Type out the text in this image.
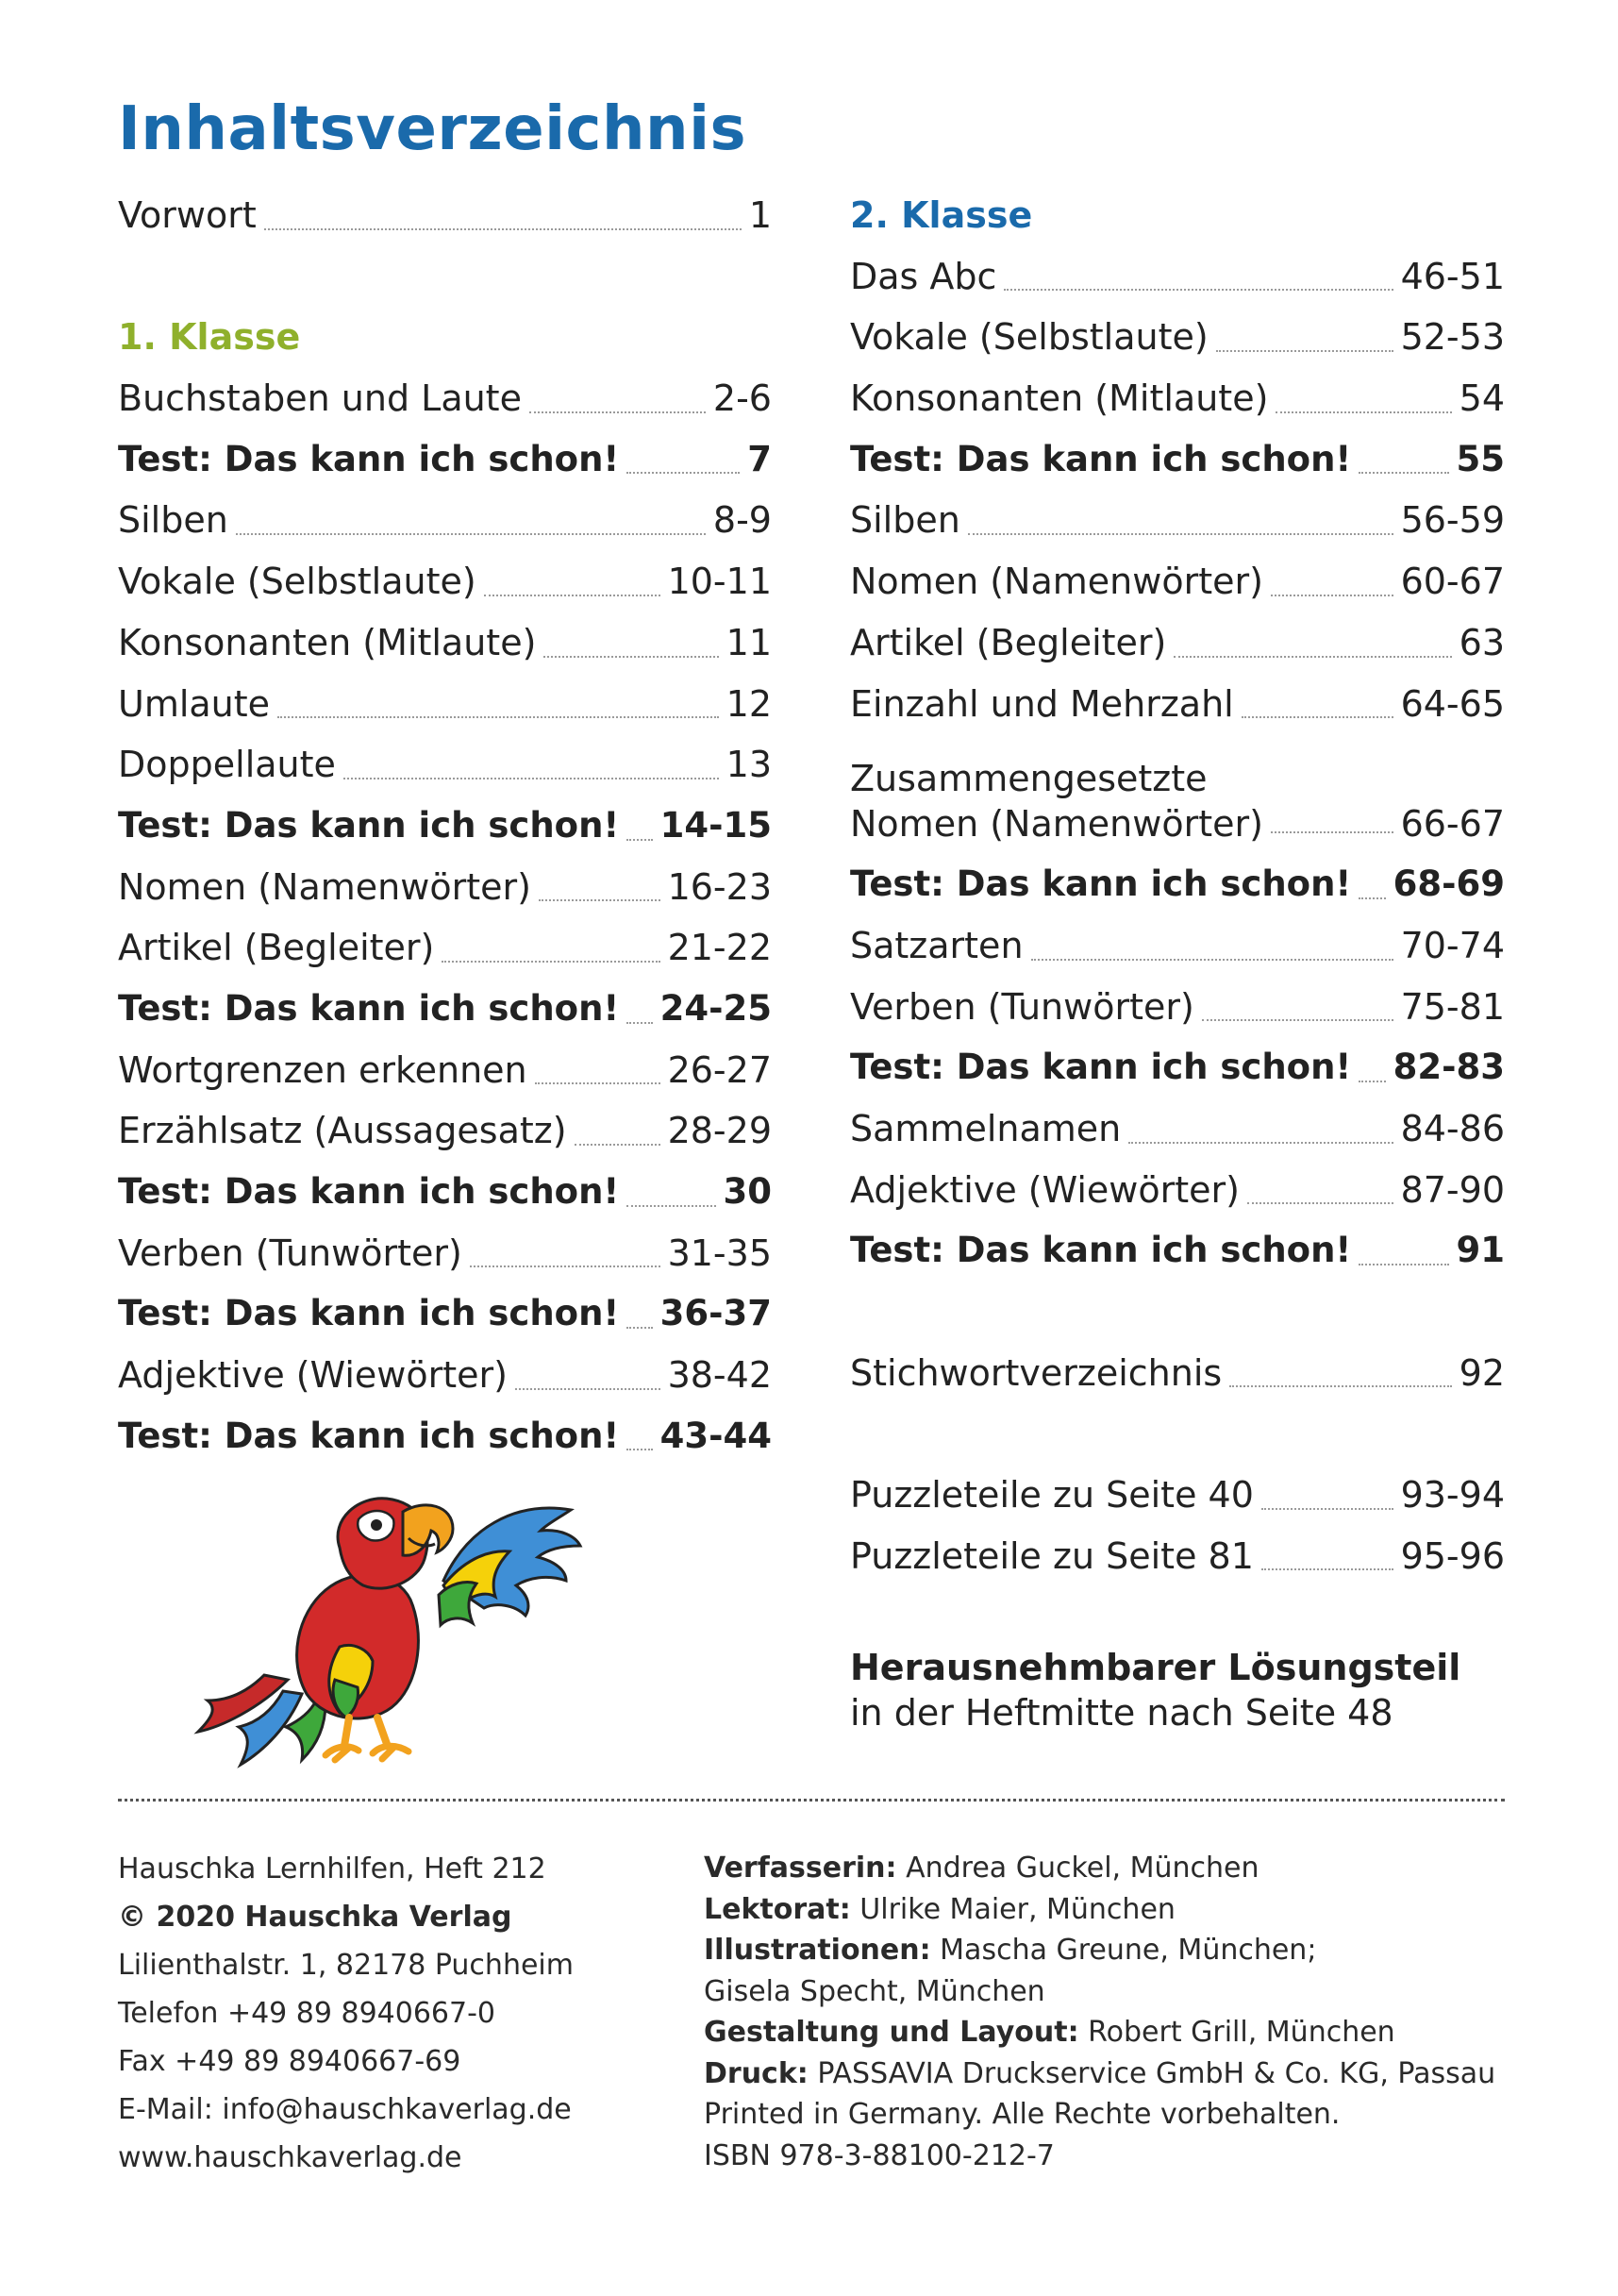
Inhaltsverzeichnis
Vorwort	1
1. Klasse
Buchstaben und Laute	2-6
Test: Das kann ich schon!	7
Silben	8-9
Vokale (Selbstlaute)	10-11
Konsonanten (Mitlaute)	11
Umlaute	12
Doppellaute	13
Test: Das kann ich schon! 14-15
Nomen (Namenwörter)	16-23
Artikel (Begleiter)	21-22
Test: Das kann ich schon! 24-25
Wortgrenzen erkennen	26-27
Erzählsatz (Aussagesatz)	28-29
Test: Das kann ich schon!	30
Verben (Tunwörter)	31-35
Test: Das kann ich schon! 36-37
Adjektive (Wiewörter)	38-42
Test: Das kann ich schon! 43-44
2. Klasse
Das Abc	46-51
Vokale (Selbstlaute)	52-53
Konsonanten (Mitlaute)	54
Test: Das kann ich schon!	55
Silben	56-59
Nomen (Namenwörter)	60-67
Artikel (Begleiter)	63
Einzahl und Mehrzahl	64-65
Zusammengesetzte
Nomen (Namenwörter)	66-67
Test: Das kann ich schon! 68-69
Satzarten	70-74
Verben (Tunwörter)	75-81
Test: Das kann ich schon! 82-83
Sammelnamen	84-86
Adjektive (Wiewörter)	87-90
Test: Das kann ich schon!	91
Stichwortverzeichnis	92
Puzzleteile zu Seite 40	93-94
Puzzleteile zu Seite 81	95-96
Herausnehmbarer Lösungsteil
in der Heftmitte nach Seite 48
Hauschka Lernhilfen, Heft 212
© 2020 Hauschka Verlag
Lilienthalstr. 1, 82178 Puchheim
Telefon +49 89 8940667-0
Fax +49 89 8940667-69
E-Mail: info@hauschkaverlag.de
www.hauschkaverlag.de
Verfasserin: Andrea Guckel, München
Lektorat: Ulrike Maier, München
Illustrationen: Mascha Greune, München;
Gisela Specht, München
Gestaltung und Layout: Robert Grill, München
Druck: PASSAVIA Druckservice GmbH & Co. KG, Passau
Printed in Germany. Alle Rechte vorbehalten.
ISBN 978-3-88100-212-7
